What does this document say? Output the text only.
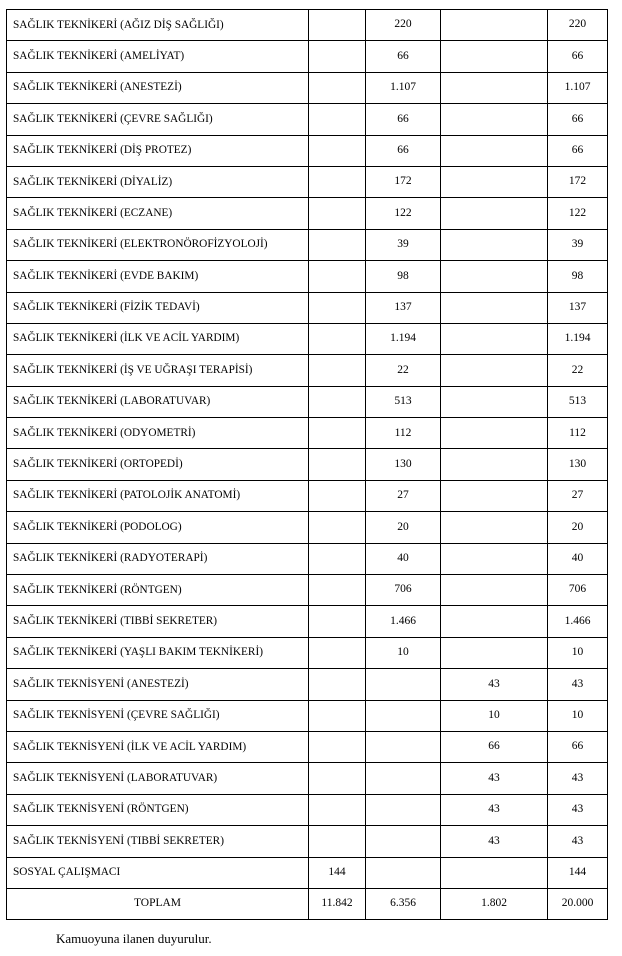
SAĞLIK TEKNİKERİ (AĞIZ DİŞ SAĞLIĞI)		220		220
SAĞLIK TEKNİKERİ (AMELİYAT)		66		66
SAĞLIK TEKNİKERİ (ANESTEZİ)		1.107		1.107
SAĞLIK TEKNİKERİ (ÇEVRE SAĞLIĞI)		66		66
SAĞLIK TEKNİKERİ (DİŞ PROTEZ)		66		66
SAĞLIK TEKNİKERİ (DİYALİZ)		172		172
SAĞLIK TEKNİKERİ (ECZANE)		122		122
SAĞLIK TEKNİKERİ (ELEKTRONÖROFİZYOLOJİ)		39		39
SAĞLIK TEKNİKERİ (EVDE BAKIM)		98		98
SAĞLIK TEKNİKERİ (FİZİK TEDAVİ)		137		137
SAĞLIK TEKNİKERİ (İLK VE ACİL YARDIM)		1.194		1.194
SAĞLIK TEKNİKERİ (İŞ VE UĞRAŞI TERAPİSİ)		22		22
SAĞLIK TEKNİKERİ (LABORATUVAR)		513		513
SAĞLIK TEKNİKERİ (ODYOMETRİ)		112		112
SAĞLIK TEKNİKERİ (ORTOPEDİ)		130		130
SAĞLIK TEKNİKERİ (PATOLOJİK ANATOMİ)		27		27
SAĞLIK TEKNİKERİ (PODOLOG)		20		20
SAĞLIK TEKNİKERİ (RADYOTERAPİ)		40		40
SAĞLIK TEKNİKERİ (RÖNTGEN)		706		706
SAĞLIK TEKNİKERİ (TIBBİ SEKRETER)		1.466		1.466
SAĞLIK TEKNİKERİ (YAŞLI BAKIM TEKNİKERİ)		10		10
SAĞLIK TEKNİSYENİ (ANESTEZİ)			43	43
SAĞLIK TEKNİSYENİ (ÇEVRE SAĞLIĞI)			10	10
SAĞLIK TEKNİSYENİ (İLK VE ACİL YARDIM)			66	66
SAĞLIK TEKNİSYENİ (LABORATUVAR)			43	43
SAĞLIK TEKNİSYENİ (RÖNTGEN)			43	43
SAĞLIK TEKNİSYENİ (TIBBİ SEKRETER)			43	43
SOSYAL ÇALIŞMACI	144			144
TOPLAM	11.842	6.356	1.802	20.000
Kamuoyuna ilanen duyurulur.
